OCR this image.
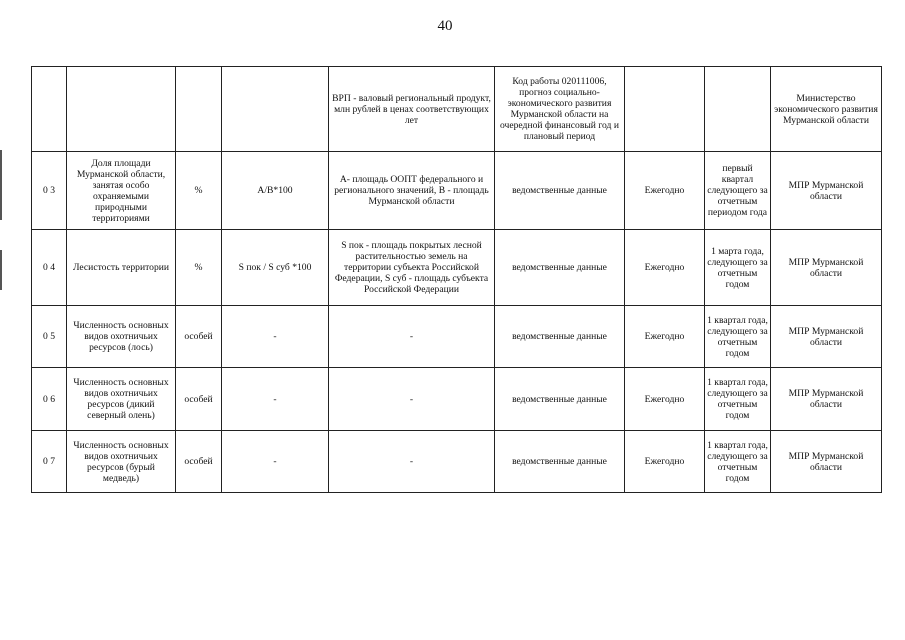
40
				ВРП - валовый региональный продукт, млн рублей в ценах соответствующих лет	Код работы 020111006, прогноз социально-экономического развития Мурманской области на очередной финансовый год и плановый период			Министерство экономического развития Мурманской области
0 3	Доля площади Мурманской области, занятая особо охраняемыми природными территориями	%	А/В*100	А- площадь ООПТ федерального и регионального значений, В - площадь Мурманской области	ведомственные данные	Ежегодно	первый квартал следующего за отчетным периодом года	МПР Мурманской области
0 4	Лесистость территории	%	S пок / S суб *100	S пок - площадь покрытых лесной растительностью земель на территории субъекта Российской Федерации, S суб - площадь субъекта Российской Федерации	ведомственные данные	Ежегодно	1 марта года, следующего за отчетным годом	МПР Мурманской области
0 5	Численность основных видов охотничьих ресурсов (лось)	особей	-	-	ведомственные данные	Ежегодно	1 квартал года, следующего за отчетным годом	МПР Мурманской области
0 6	Численность основных видов охотничьих ресурсов (дикий северный олень)	особей	-	-	ведомственные данные	Ежегодно	1 квартал года, следующего за отчетным годом	МПР Мурманской области
0 7	Численность основных видов охотничьих ресурсов (бурый медведь)	особей	-	-	ведомственные данные	Ежегодно	1 квартал года, следующего за отчетным годом	МПР Мурманской области
